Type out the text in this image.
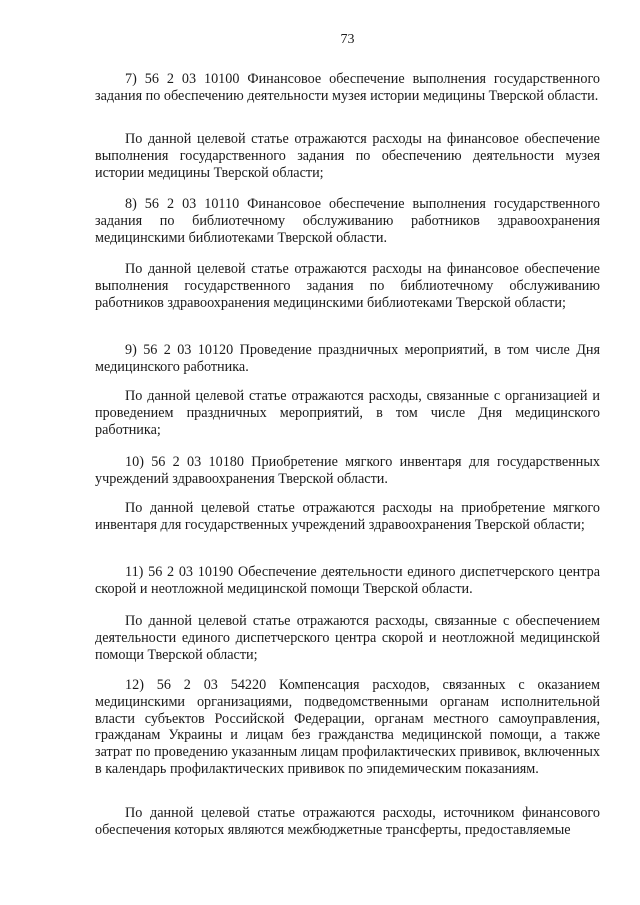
73

7) 56 2 03 10100 Финансовое обеспечение выполнения государственного задания по обеспечению деятельности музея истории медицины Тверской области.

По данной целевой статье отражаются расходы на финансовое обеспечение выполнения государственного задания по обеспечению деятельности музея истории медицины Тверской области;

8) 56 2 03 10110 Финансовое обеспечение выполнения государственного задания по библиотечному обслуживанию работников здравоохранения медицинскими библиотеками Тверской области.

По данной целевой статье отражаются расходы на финансовое обеспечение выполнения государственного задания по библиотечному обслуживанию работников здравоохранения медицинскими библиотеками Тверской области;

9) 56 2 03 10120 Проведение праздничных мероприятий, в том числе Дня медицинского работника.

По данной целевой статье отражаются расходы, связанные с организацией и проведением праздничных мероприятий, в том числе Дня медицинского работника;

10) 56 2 03 10180 Приобретение мягкого инвентаря для государственных учреждений здравоохранения Тверской области.

По данной целевой статье отражаются расходы на приобретение мягкого инвентаря для государственных учреждений здравоохранения Тверской области;

11) 56 2 03 10190 Обеспечение деятельности единого диспетчерского центра скорой и неотложной медицинской помощи Тверской области.

По данной целевой статье отражаются расходы, связанные с обеспечением деятельности единого диспетчерского центра скорой и неотложной медицинской помощи Тверской области;

12) 56 2 03 54220 Компенсация расходов, связанных с оказанием медицинскими организациями, подведомственными органам исполнительной власти субъектов Российской Федерации, органам местного самоуправления, гражданам Украины и лицам без гражданства медицинской помощи, а также затрат по проведению указанным лицам профилактических прививок, включенных в календарь профилактических прививок по эпидемическим показаниям.

По данной целевой статье отражаются расходы, источником финансового обеспечения которых являются межбюджетные трансферты, предоставляемые
